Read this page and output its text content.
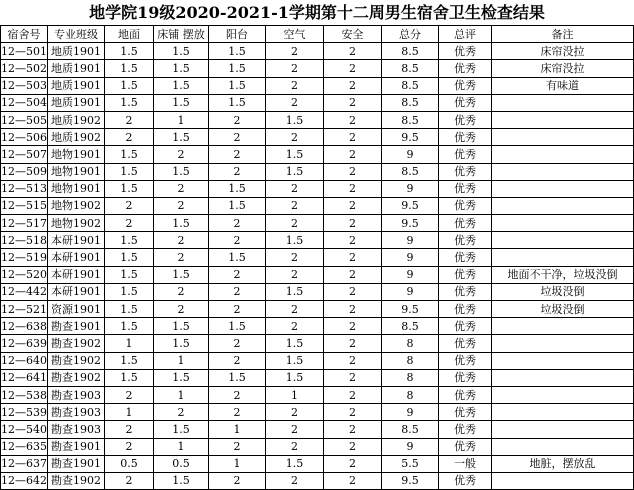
地学院19级2020-2021-1学期第十二周男生宿舍卫生检查结果
宿舍号	专业班级	地面	床铺 摆放	阳台	空气	安全	总分	总评	备注
12—501	地质1901	1.5	1.5	1.5	2	2	8.5	优秀	床帘没拉
12—502	地质1901	1.5	1.5	1.5	2	2	8.5	优秀	床帘没拉
12—503	地质1901	1.5	1.5	1.5	2	2	8.5	优秀	有味道
12—504	地质1901	1.5	1.5	1.5	2	2	8.5	优秀	
12—505	地质1902	2	1	2	1.5	2	8.5	优秀	
12—506	地质1902	2	1.5	2	2	2	9.5	优秀	
12—507	地物1901	1.5	2	2	1.5	2	9	优秀	
12—509	地物1901	1.5	1.5	2	1.5	2	8.5	优秀	
12—513	地物1901	1.5	2	1.5	2	2	9	优秀	
12—515	地物1902	2	2	1.5	2	2	9.5	优秀	
12—517	地物1902	2	1.5	2	2	2	9.5	优秀	
12—518	本研1901	1.5	2	2	1.5	2	9	优秀	
12—519	本研1901	1.5	2	1.5	2	2	9	优秀	
12—520	本研1901	1.5	1.5	2	2	2	9	优秀	地面不干净，垃圾没倒
12—442	本研1901	1.5	2	2	1.5	2	9	优秀	垃圾没倒
12—521	资源1901	1.5	2	2	2	2	9.5	优秀	垃圾没倒
12—638	勘查1901	1.5	1.5	1.5	2	2	8.5	优秀	
12—639	勘查1902	1	1.5	2	1.5	2	8	优秀	
12—640	勘查1902	1.5	1	2	1.5	2	8	优秀	
12—641	勘查1902	1.5	1.5	1.5	1.5	2	8	优秀	
12—538	勘查1903	2	1	2	1	2	8	优秀	
12—539	勘查1903	1	2	2	2	2	9	优秀	
12—540	勘查1903	2	1.5	1	2	2	8.5	优秀	
12—635	勘查1901	2	1	2	2	2	9	优秀	
12—637	勘查1901	0.5	0.5	1	1.5	2	5.5	一般	地脏，摆放乱
12—642	勘查1902	2	1.5	2	2	2	9.5	优秀	
